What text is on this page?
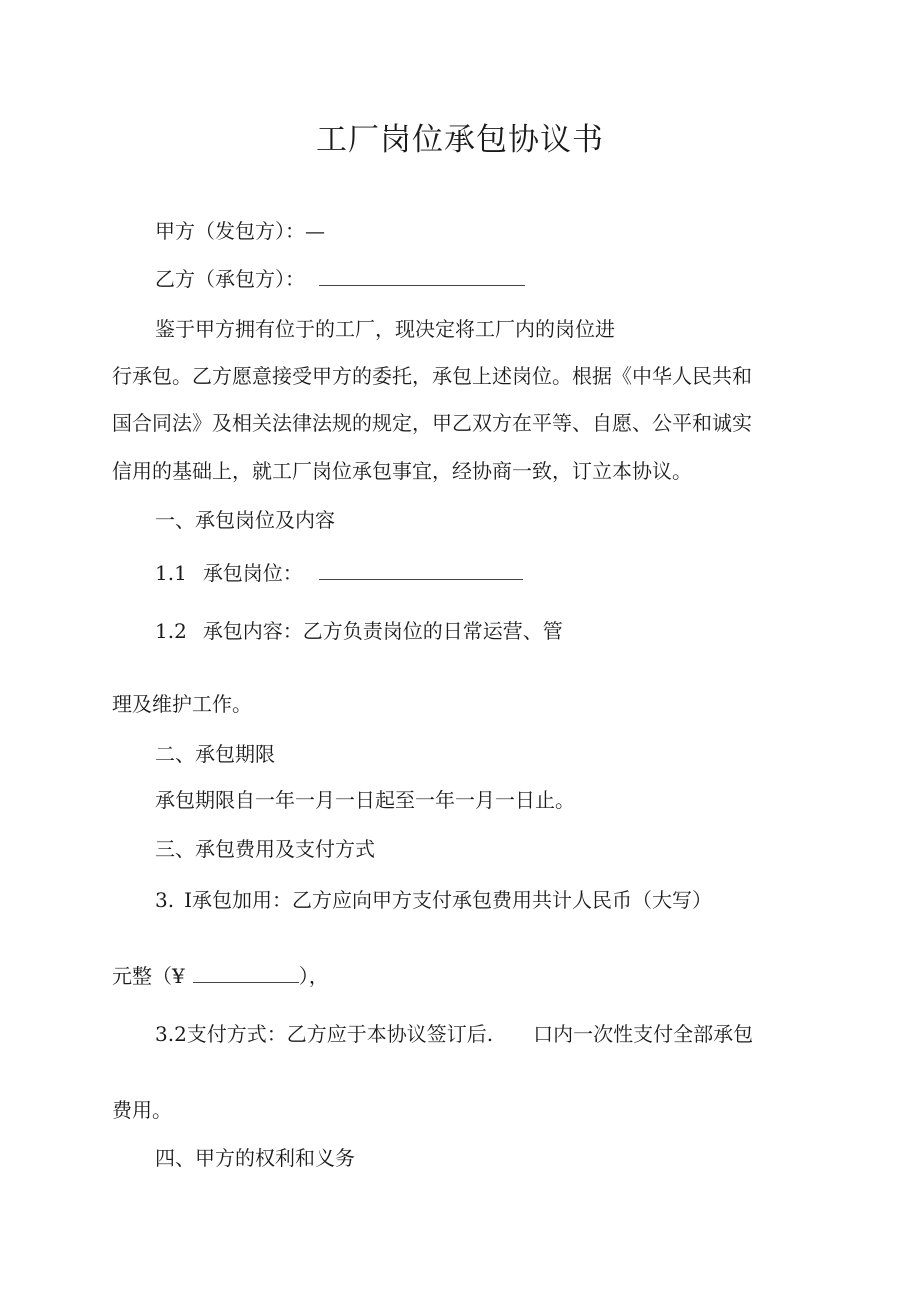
工厂岗位承包协议书
甲方（发包方）：—
乙方（承包方）：
鉴于甲方拥有位于的工厂，现决定将工厂内的岗位进
行承包。乙方愿意接受甲方的委托，承包上述岗位。根据《中华人民共和
国合同法》及相关法律法规的规定，甲乙双方在平等、自愿、公平和诚实
信用的基础上，就工厂岗位承包事宜，经协商一致，订立本协议。
一、承包岗位及内容
1.1 承包岗位：
1.2 承包内容：乙方负责岗位的日常运营、管
理及维护工作。
二、承包期限
承包期限自一年一月一日起至一年一月一日止。
三、承包费用及支付方式
3. I承包加用：乙方应向甲方支付承包费用共计人民币（大写）
元整（¥	），
3.2支付方式：乙方应于本协议签订后. 口内一次性支付全部承包
费用。
四、甲方的权利和义务
